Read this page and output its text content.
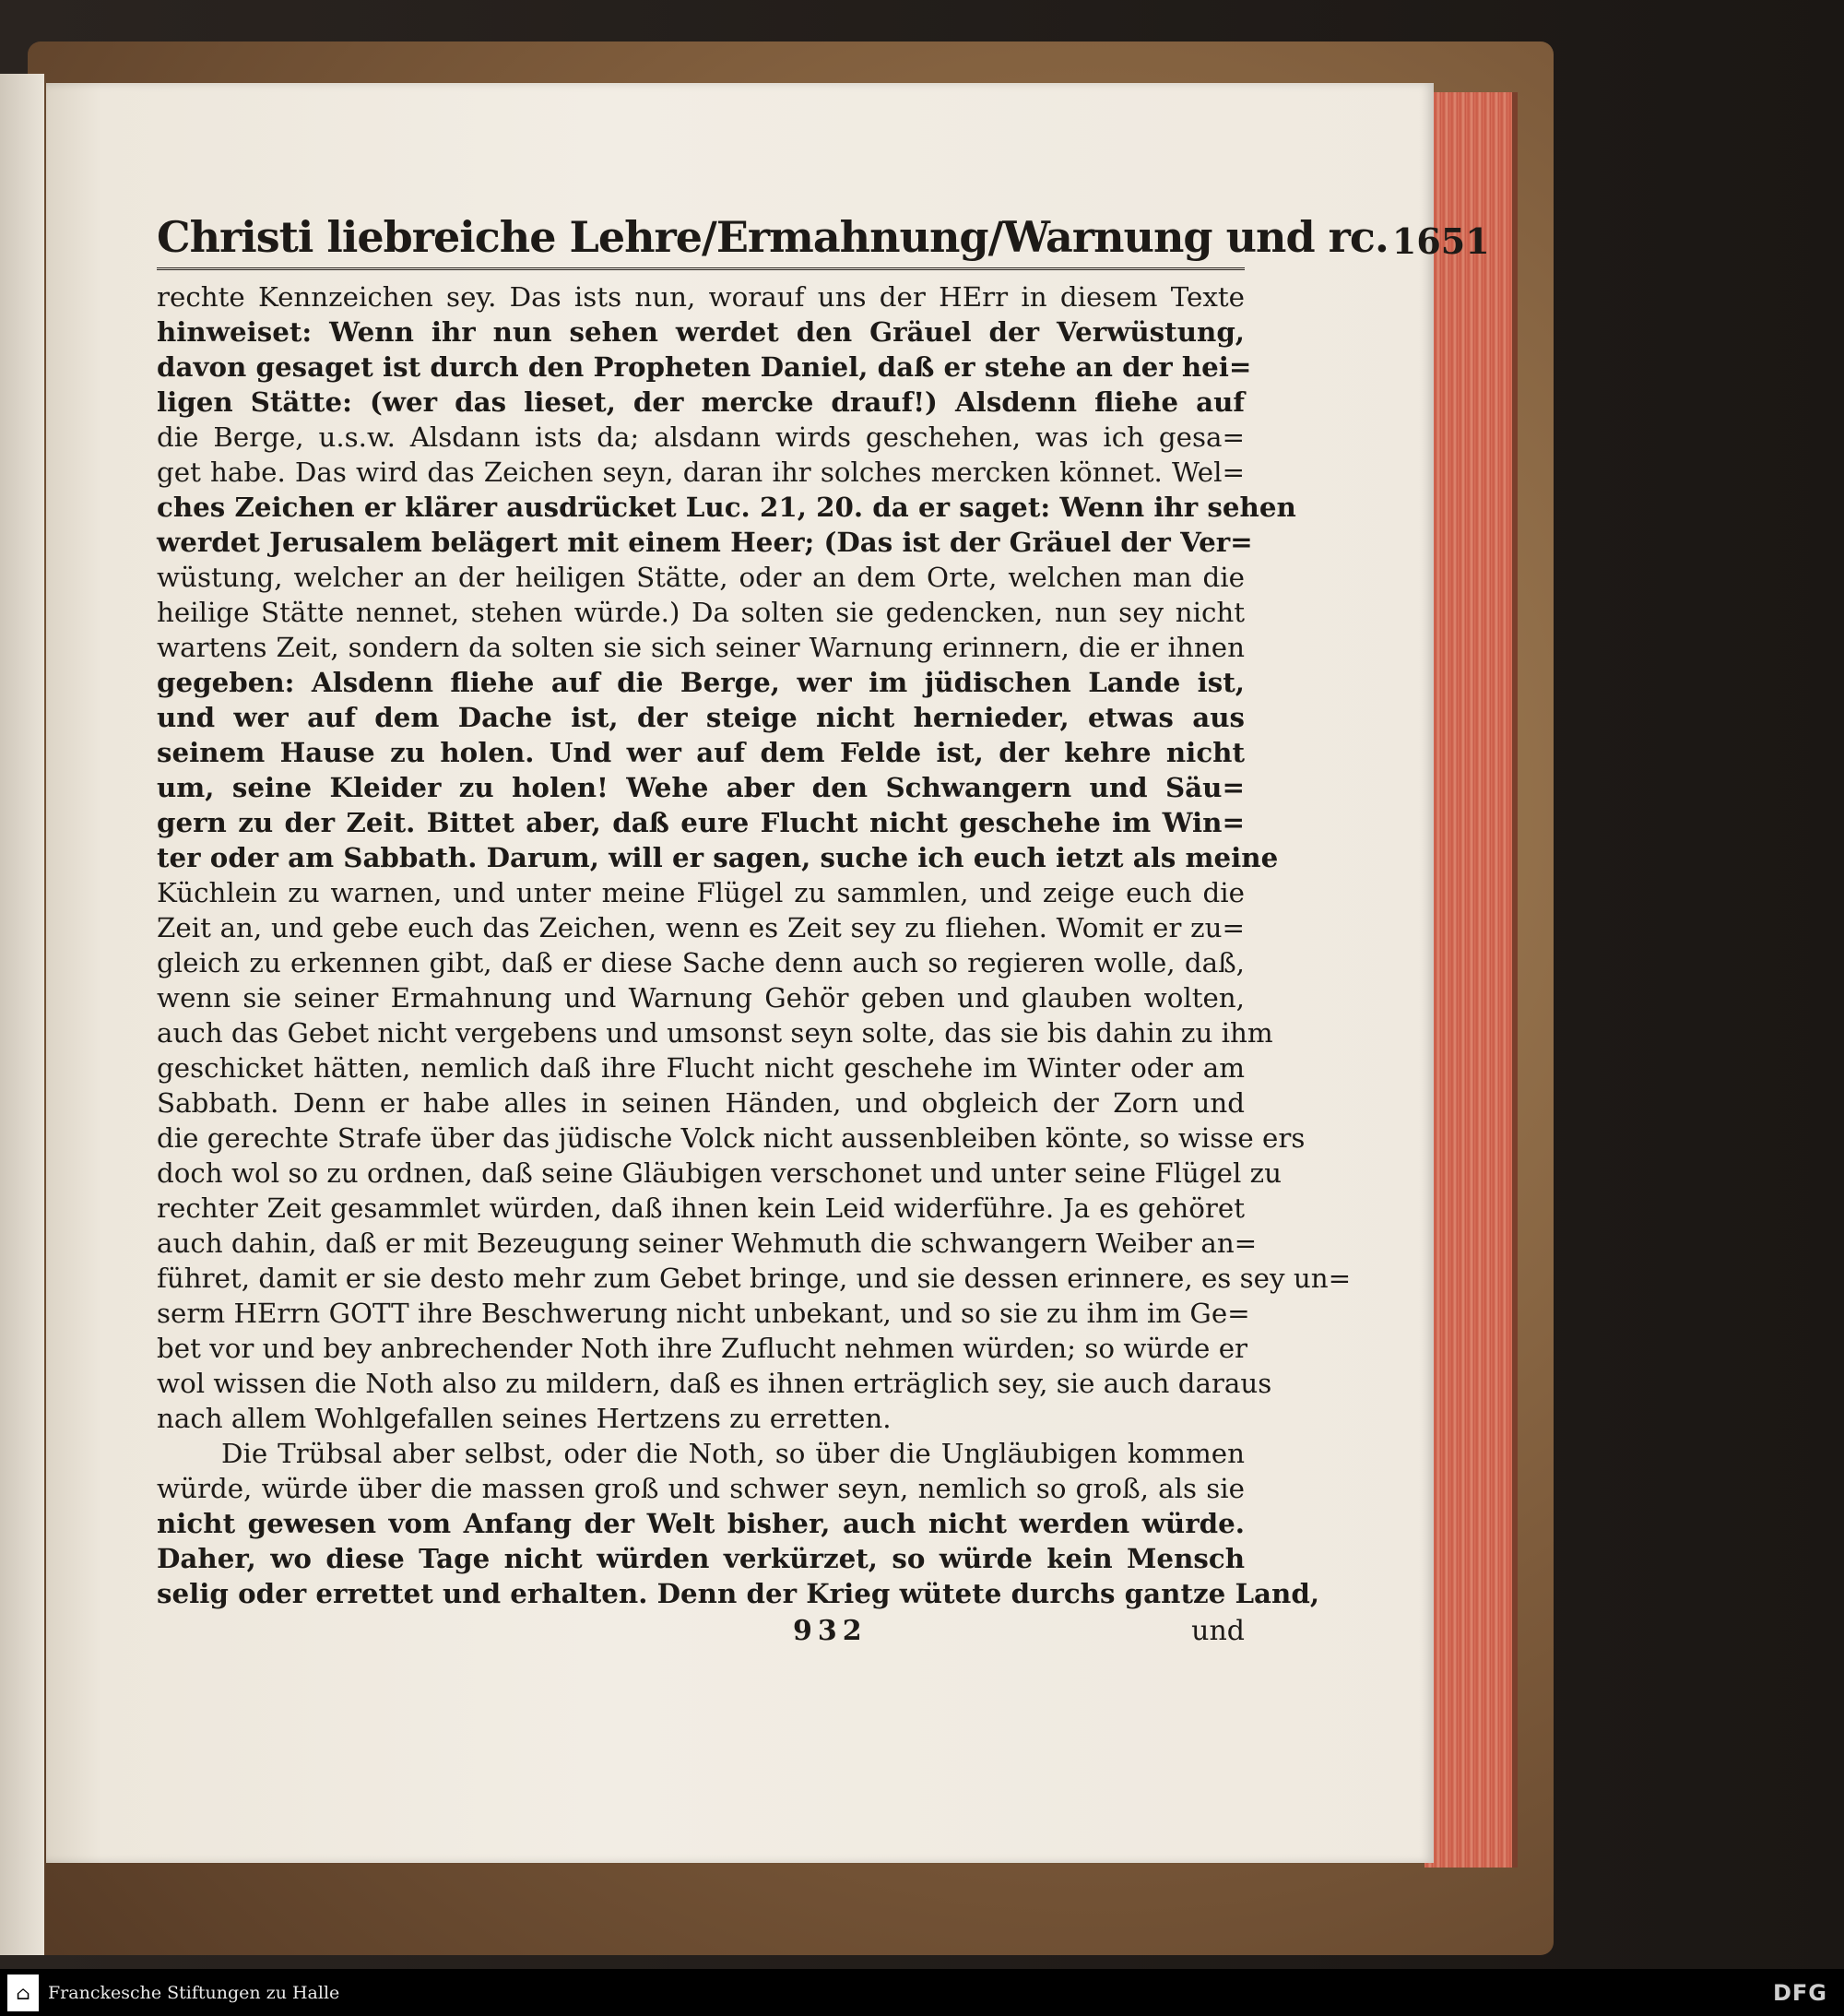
Christi liebreiche Lehre/Ermahnung/Warnung und rc. 1651
rechte Kennzeichen sey. Das ists nun, worauf uns der HErr in diesem Texte
hinweiset: Wenn ihr nun sehen werdet den Gräuel der Verwüstung,
davon gesaget ist durch den Propheten Daniel, daß er stehe an der hei=
ligen Stätte: (wer das lieset, der mercke drauf!) Alsdenn fliehe auf
die Berge, u.s.w. Alsdann ists da; alsdann wirds geschehen, was ich gesa=
get habe. Das wird das Zeichen seyn, daran ihr solches mercken könnet. Wel=
ches Zeichen er klärer ausdrücket Luc. 21, 20. da er saget: Wenn ihr sehen
werdet Jerusalem belägert mit einem Heer; (Das ist der Gräuel der Ver=
wüstung, welcher an der heiligen Stätte, oder an dem Orte, welchen man die
heilige Stätte nennet, stehen würde.) Da solten sie gedencken, nun sey nicht
wartens Zeit, sondern da solten sie sich seiner Warnung erinnern, die er ihnen
gegeben: Alsdenn fliehe auf die Berge, wer im jüdischen Lande ist,
und wer auf dem Dache ist, der steige nicht hernieder, etwas aus
seinem Hause zu holen. Und wer auf dem Felde ist, der kehre nicht
um, seine Kleider zu holen! Wehe aber den Schwangern und Säu=
gern zu der Zeit. Bittet aber, daß eure Flucht nicht geschehe im Win=
ter oder am Sabbath. Darum, will er sagen, suche ich euch ietzt als meine
Küchlein zu warnen, und unter meine Flügel zu sammlen, und zeige euch die
Zeit an, und gebe euch das Zeichen, wenn es Zeit sey zu fliehen. Womit er zu=
gleich zu erkennen gibt, daß er diese Sache denn auch so regieren wolle, daß,
wenn sie seiner Ermahnung und Warnung Gehör geben und glauben wolten,
auch das Gebet nicht vergebens und umsonst seyn solte, das sie bis dahin zu ihm
geschicket hätten, nemlich daß ihre Flucht nicht geschehe im Winter oder am
Sabbath. Denn er habe alles in seinen Händen, und obgleich der Zorn und
die gerechte Strafe über das jüdische Volck nicht aussenbleiben könte, so wisse ers
doch wol so zu ordnen, daß seine Gläubigen verschonet und unter seine Flügel zu
rechter Zeit gesammlet würden, daß ihnen kein Leid widerführe. Ja es gehöret
auch dahin, daß er mit Bezeugung seiner Wehmuth die schwangern Weiber an=
führet, damit er sie desto mehr zum Gebet bringe, und sie dessen erinnere, es sey un=
serm HErrn GOTT ihre Beschwerung nicht unbekant, und so sie zu ihm im Ge=
bet vor und bey anbrechender Noth ihre Zuflucht nehmen würden; so würde er
wol wissen die Noth also zu mildern, daß es ihnen erträglich sey, sie auch daraus
nach allem Wohlgefallen seines Hertzens zu erretten.
Die Trübsal aber selbst, oder die Noth, so über die Ungläubigen kommen
würde, würde über die massen groß und schwer seyn, nemlich so groß, als sie
nicht gewesen vom Anfang der Welt bisher, auch nicht werden würde.
Daher, wo diese Tage nicht würden verkürzet, so würde kein Mensch
selig oder errettet und erhalten. Denn der Krieg wütete durchs gantze Land,
932	und
⌂	Franckesche Stiftungen zu Halle	DFG
